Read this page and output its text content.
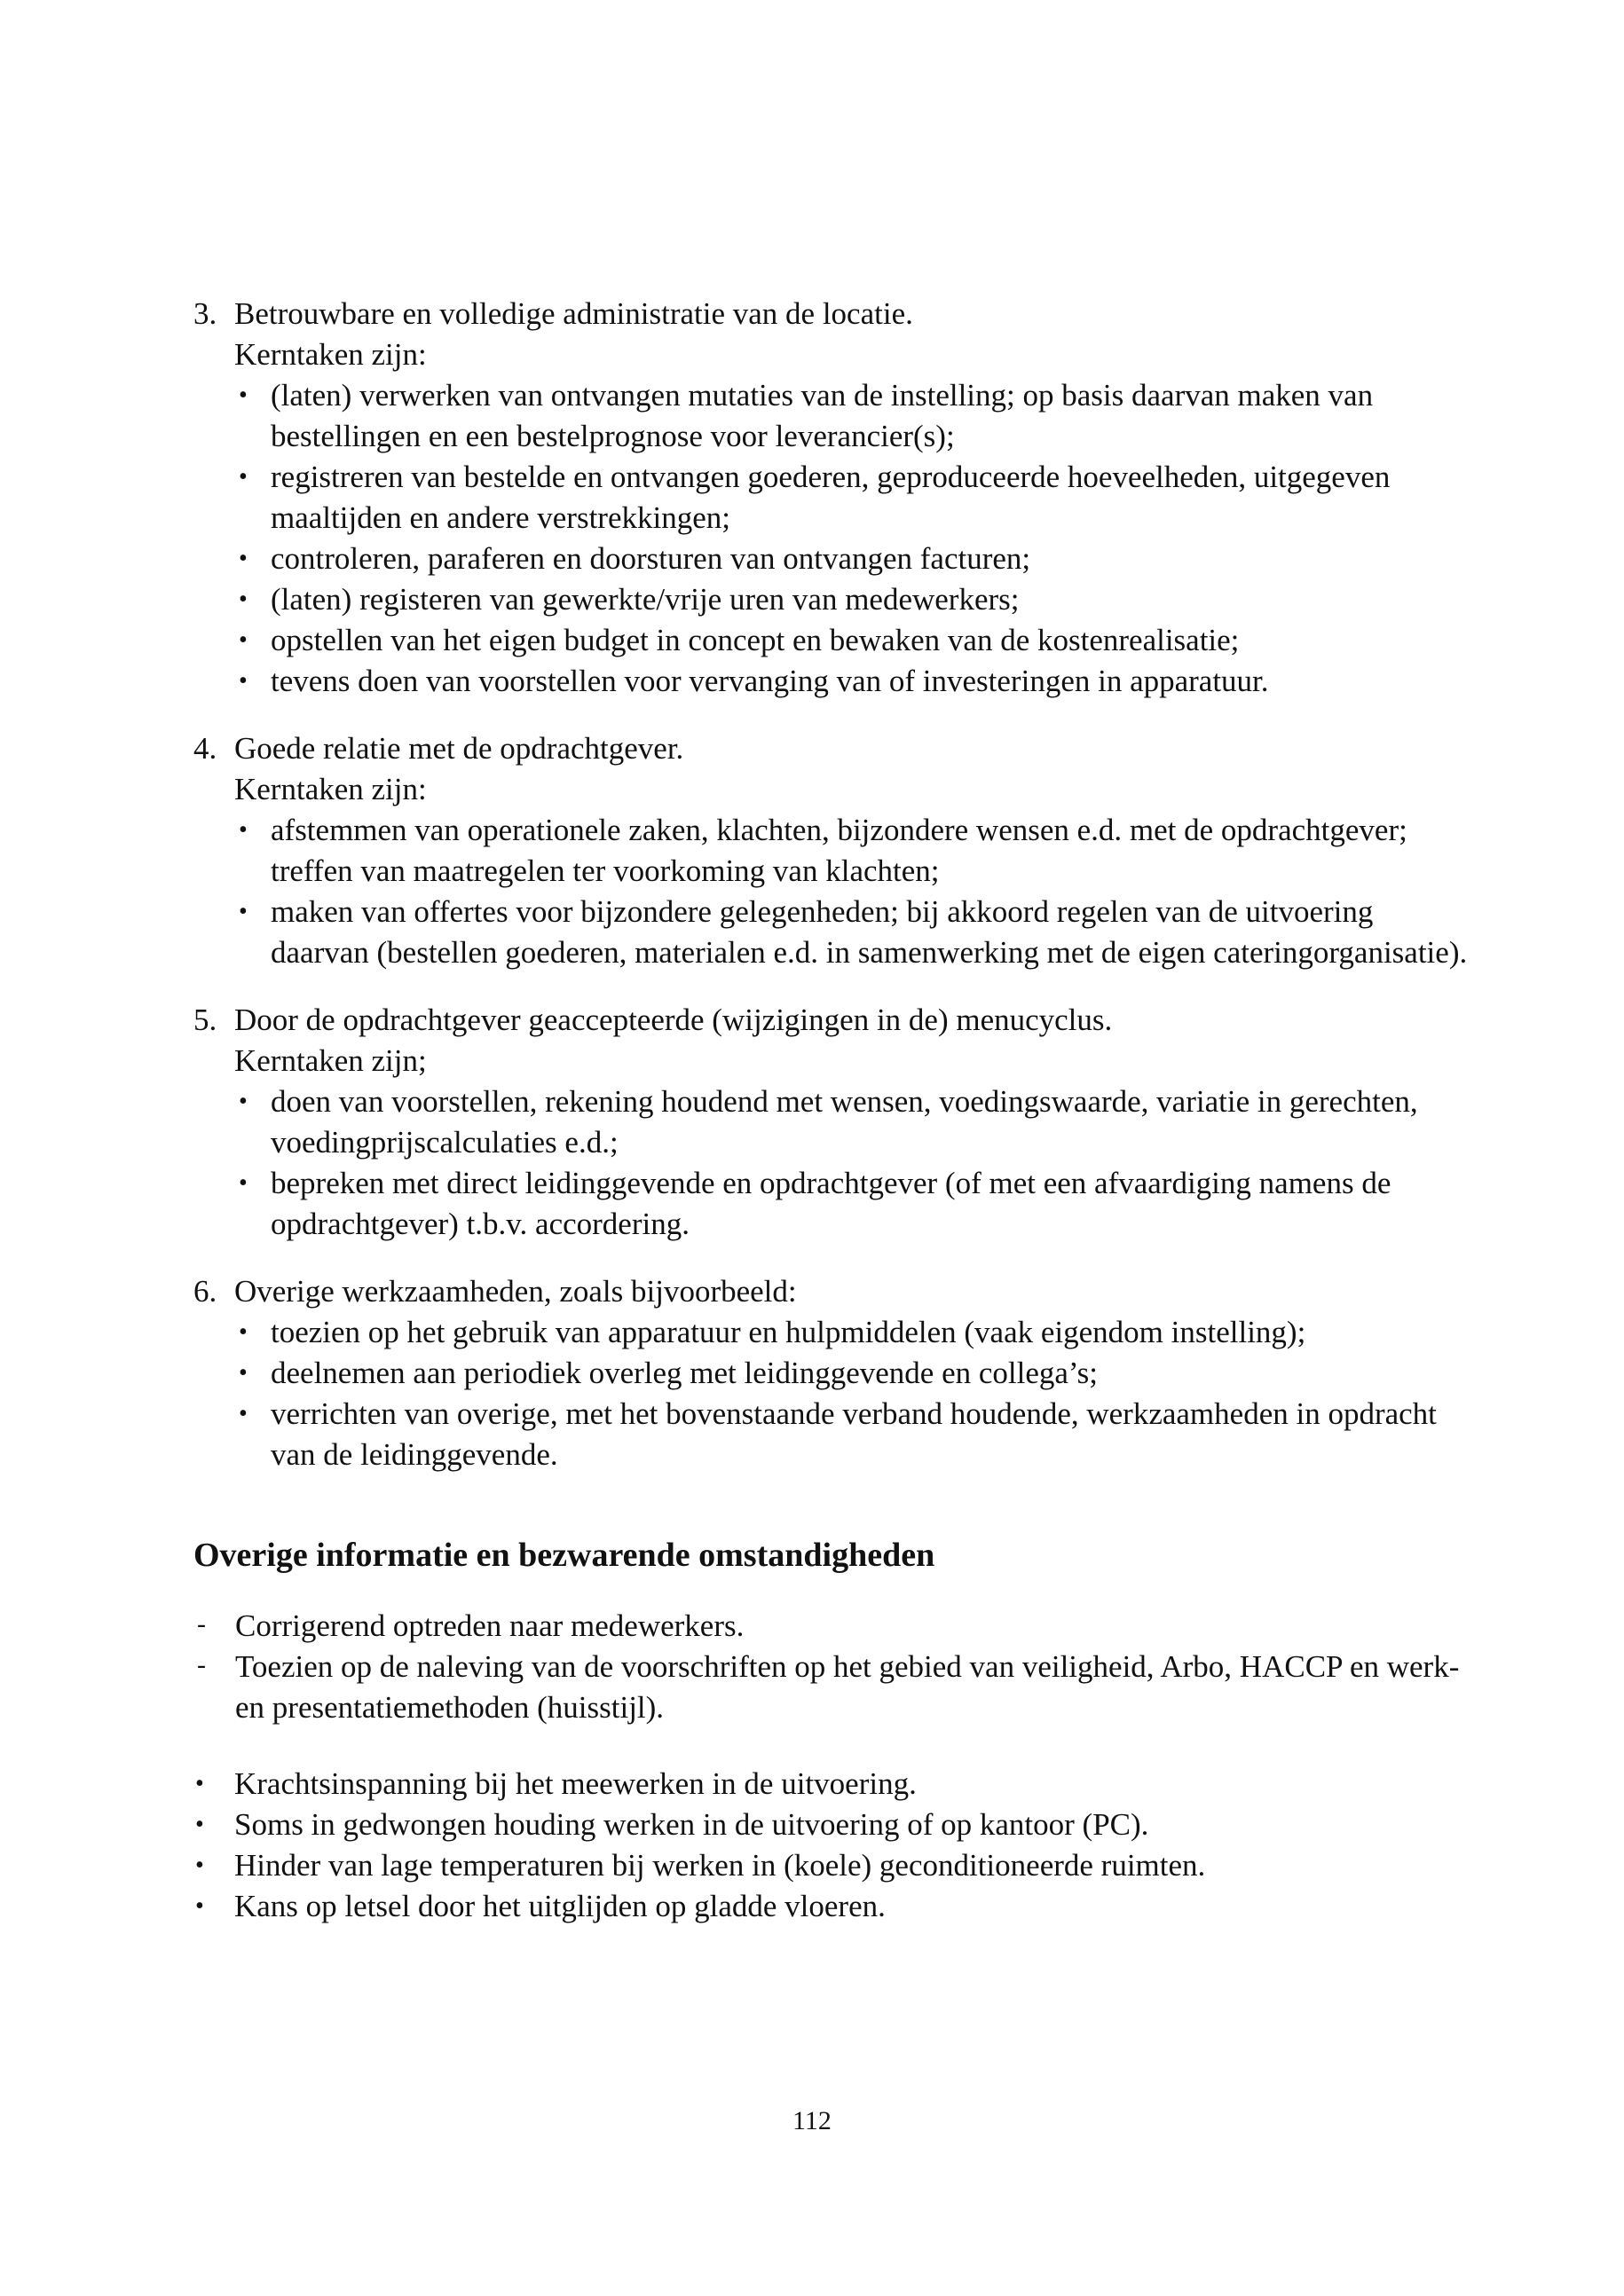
3. Betrouwbare en volledige administratie van de locatie.
Kerntaken zijn:
• (laten) verwerken van ontvangen mutaties van de instelling; op basis daarvan maken van
bestellingen en een bestelprognose voor leverancier(s);
• registreren van bestelde en ontvangen goederen, geproduceerde hoeveelheden, uitgegeven
maaltijden en andere verstrekkingen;
• controleren, paraferen en doorsturen van ontvangen facturen;
• (laten) registeren van gewerkte/vrije uren van medewerkers;
• opstellen van het eigen budget in concept en bewaken van de kostenrealisatie;
• tevens doen van voorstellen voor vervanging van of investeringen in apparatuur.
4. Goede relatie met de opdrachtgever.
Kerntaken zijn:
• afstemmen van operationele zaken, klachten, bijzondere wensen e.d. met de opdrachtgever;
treffen van maatregelen ter voorkoming van klachten;
• maken van offertes voor bijzondere gelegenheden; bij akkoord regelen van de uitvoering
daarvan (bestellen goederen, materialen e.d. in samenwerking met de eigen cateringorganisatie).
5. Door de opdrachtgever geaccepteerde (wijzigingen in de) menucyclus.
Kerntaken zijn;
• doen van voorstellen, rekening houdend met wensen, voedingswaarde, variatie in gerechten,
voedingprijscalculaties e.d.;
• bepreken met direct leidinggevende en opdrachtgever (of met een afvaardiging namens de
opdrachtgever) t.b.v. accordering.
6. Overige werkzaamheden, zoals bijvoorbeeld:
• toezien op het gebruik van apparatuur en hulpmiddelen (vaak eigendom instelling);
• deelnemen aan periodiek overleg met leidinggevende en collega’s;
• verrichten van overige, met het bovenstaande verband houdende, werkzaamheden in opdracht
van de leidinggevende.
Overige informatie en bezwarende omstandigheden
- Corrigerend optreden naar medewerkers.
- Toezien op de naleving van de voorschriften op het gebied van veiligheid, Arbo, HACCP en werk-
en presentatiemethoden (huisstijl).
• Krachtsinspanning bij het meewerken in de uitvoering.
• Soms in gedwongen houding werken in de uitvoering of op kantoor (PC).
• Hinder van lage temperaturen bij werken in (koele) geconditioneerde ruimten.
• Kans op letsel door het uitglijden op gladde vloeren.
112
